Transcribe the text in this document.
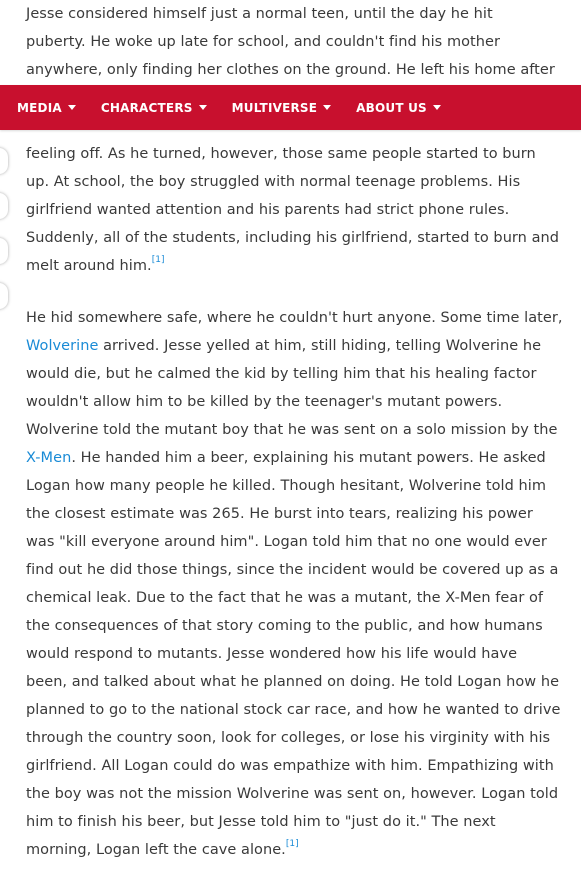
Jesse considered himself just a normal teen, until the day he hit
puberty. He woke up late for school, and couldn't find his mother
anywhere, only finding her clothes on the ground. He left his home after

feeling off. As he turned, however, those same people started to burn
up. At school, the boy struggled with normal teenage problems. His
girlfriend wanted attention and his parents had strict phone rules.
Suddenly, all of the students, including his girlfriend, started to burn and
melt around him.[1]

He hid somewhere safe, where he couldn't hurt anyone. Some time later,
Wolverine arrived. Jesse yelled at him, still hiding, telling Wolverine he
would die, but he calmed the kid by telling him that his healing factor
wouldn't allow him to be killed by the teenager's mutant powers.
Wolverine told the mutant boy that he was sent on a solo mission by the
X-Men. He handed him a beer, explaining his mutant powers. He asked
Logan how many people he killed. Though hesitant, Wolverine told him
the closest estimate was 265. He burst into tears, realizing his power
was "kill everyone around him". Logan told him that no one would ever
find out he did those things, since the incident would be covered up as a
chemical leak. Due to the fact that he was a mutant, the X-Men fear of
the consequences of that story coming to the public, and how humans
would respond to mutants. Jesse wondered how his life would have
been, and talked about what he planned on doing. He told Logan how he
planned to go to the national stock car race, and how he wanted to drive
through the country soon, look for colleges, or lose his virginity with his
girlfriend. All Logan could do was empathize with him. Empathizing with
the boy was not the mission Wolverine was sent on, however. Logan told
him to finish his beer, but Jesse told him to "just do it." The next
morning, Logan left the cave alone.[1]

MEDIA	CHARACTERS	MULTIVERSE	ABOUT US
